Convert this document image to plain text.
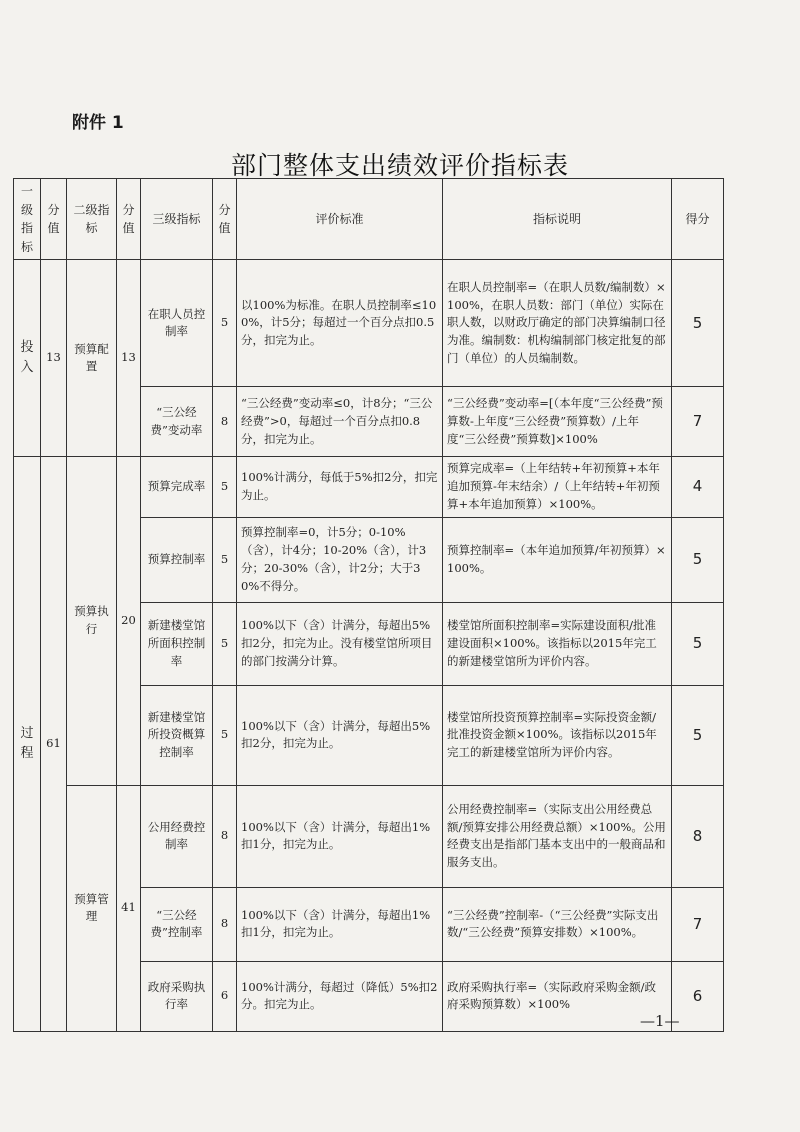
附件 1
部门整体支出绩效评价指标表
一级指标	分值	二级指标	分值	三级指标	分值	评价标准	指标说明	得分
投入	13	预算配置	13	在职人员控制率	5	以100%为标准。在职人员控制率≤100%，计5分；每超过一个百分点扣0.5分，扣完为止。	在职人员控制率=（在职人员数/编制数）×100%，在职人员数：部门（单位）实际在职人数，以财政厅确定的部门决算编制口径为准。编制数：机构编制部门核定批复的部门（单位）的人员编制数。	5
				“三公经费”变动率	8	“三公经费”变动率≤0，计8分；“三公经费”>0，每超过一个百分点扣0.8分，扣完为止。	“三公经费”变动率=[（本年度“三公经费”预算数-上年度“三公经费”预算数）/上年度“三公经费”预算数]×100%	7
过程	61	预算执行	20	预算完成率	5	100%计满分，每低于5%扣2分，扣完为止。	预算完成率=（上年结转+年初预算+本年追加预算-年末结余）/（上年结转+年初预算+本年追加预算）×100%。	4
				预算控制率	5	预算控制率=0，计5分；0-10%（含），计4分；10-20%（含），计3分；20-30%（含），计2分；大于30%不得分。	预算控制率=（本年追加预算/年初预算）×100%。	5
				新建楼堂馆所面积控制率	5	100%以下（含）计满分，每超出5%扣2分，扣完为止。没有楼堂馆所项目的部门按满分计算。	楼堂馆所面积控制率=实际建设面积/批准建设面积×100%。该指标以2015年完工的新建楼堂馆所为评价内容。	5
				新建楼堂馆所投资概算控制率	5	100%以下（含）计满分，每超出5%扣2分，扣完为止。	楼堂馆所投资预算控制率=实际投资金额/批准投资金额×100%。该指标以2015年完工的新建楼堂馆所为评价内容。	5
		预算管理	41	公用经费控制率	8	100%以下（含）计满分，每超出1%扣1分，扣完为止。	公用经费控制率=（实际支出公用经费总额/预算安排公用经费总额）×100%。公用经费支出是指部门基本支出中的一般商品和服务支出。	8
				“三公经费”控制率	8	100%以下（含）计满分，每超出1%扣1分，扣完为止。	“三公经费”控制率-（“三公经费”实际支出数/“三公经费”预算安排数）×100%。	7
				政府采购执行率	6	100%计满分，每超过（降低）5%扣2分。扣完为止。	政府采购执行率=（实际政府采购金额/政府采购预算数）×100%	6
—1—
